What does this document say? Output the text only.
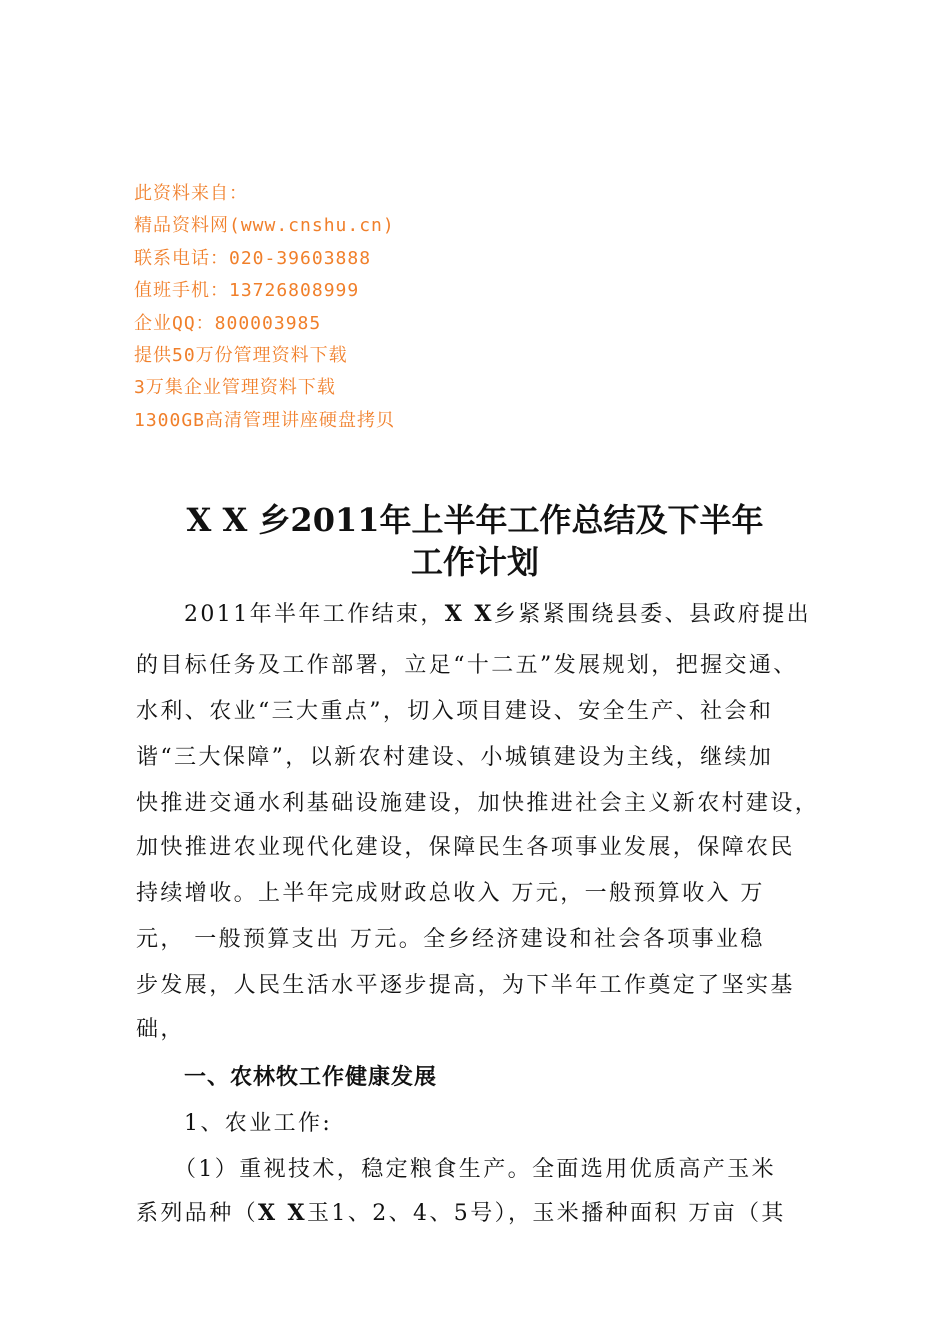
此资料来自：
精品资料网(www.cnshu.cn)
联系电话：020-39603888
值班手机：13726808999
企业QQ：800003985
提供50万份管理资料下载
3万集企业管理资料下载
1300GB高清管理讲座硬盘拷贝
X X 乡2011年上半年工作总结及下半年
工作计划
2011年半年工作结束，X X乡紧紧围绕县委、县政府提出
的目标任务及工作部署，立足“十二五”发展规划，把握交通、
水利、农业“三大重点”，切入项目建设、安全生产、社会和
谐“三大保障”，以新农村建设、小城镇建设为主线，继续加
快推进交通水利基础设施建设，加快推进社会主义新农村建设，
加快推进农业现代化建设，保障民生各项事业发展，保障农民
持续增收。上半年完成财政总收入 万元，一般预算收入 万
元， 一般预算支出 万元。全乡经济建设和社会各项事业稳
步发展，人民生活水平逐步提高，为下半年工作奠定了坚实基
础，
一、农林牧工作健康发展
1、农业工作:
（1）重视技术，稳定粮食生产。全面选用优质高产玉米
系列品种（X X玉1、2、4、5号），玉米播种面积 万亩（其
